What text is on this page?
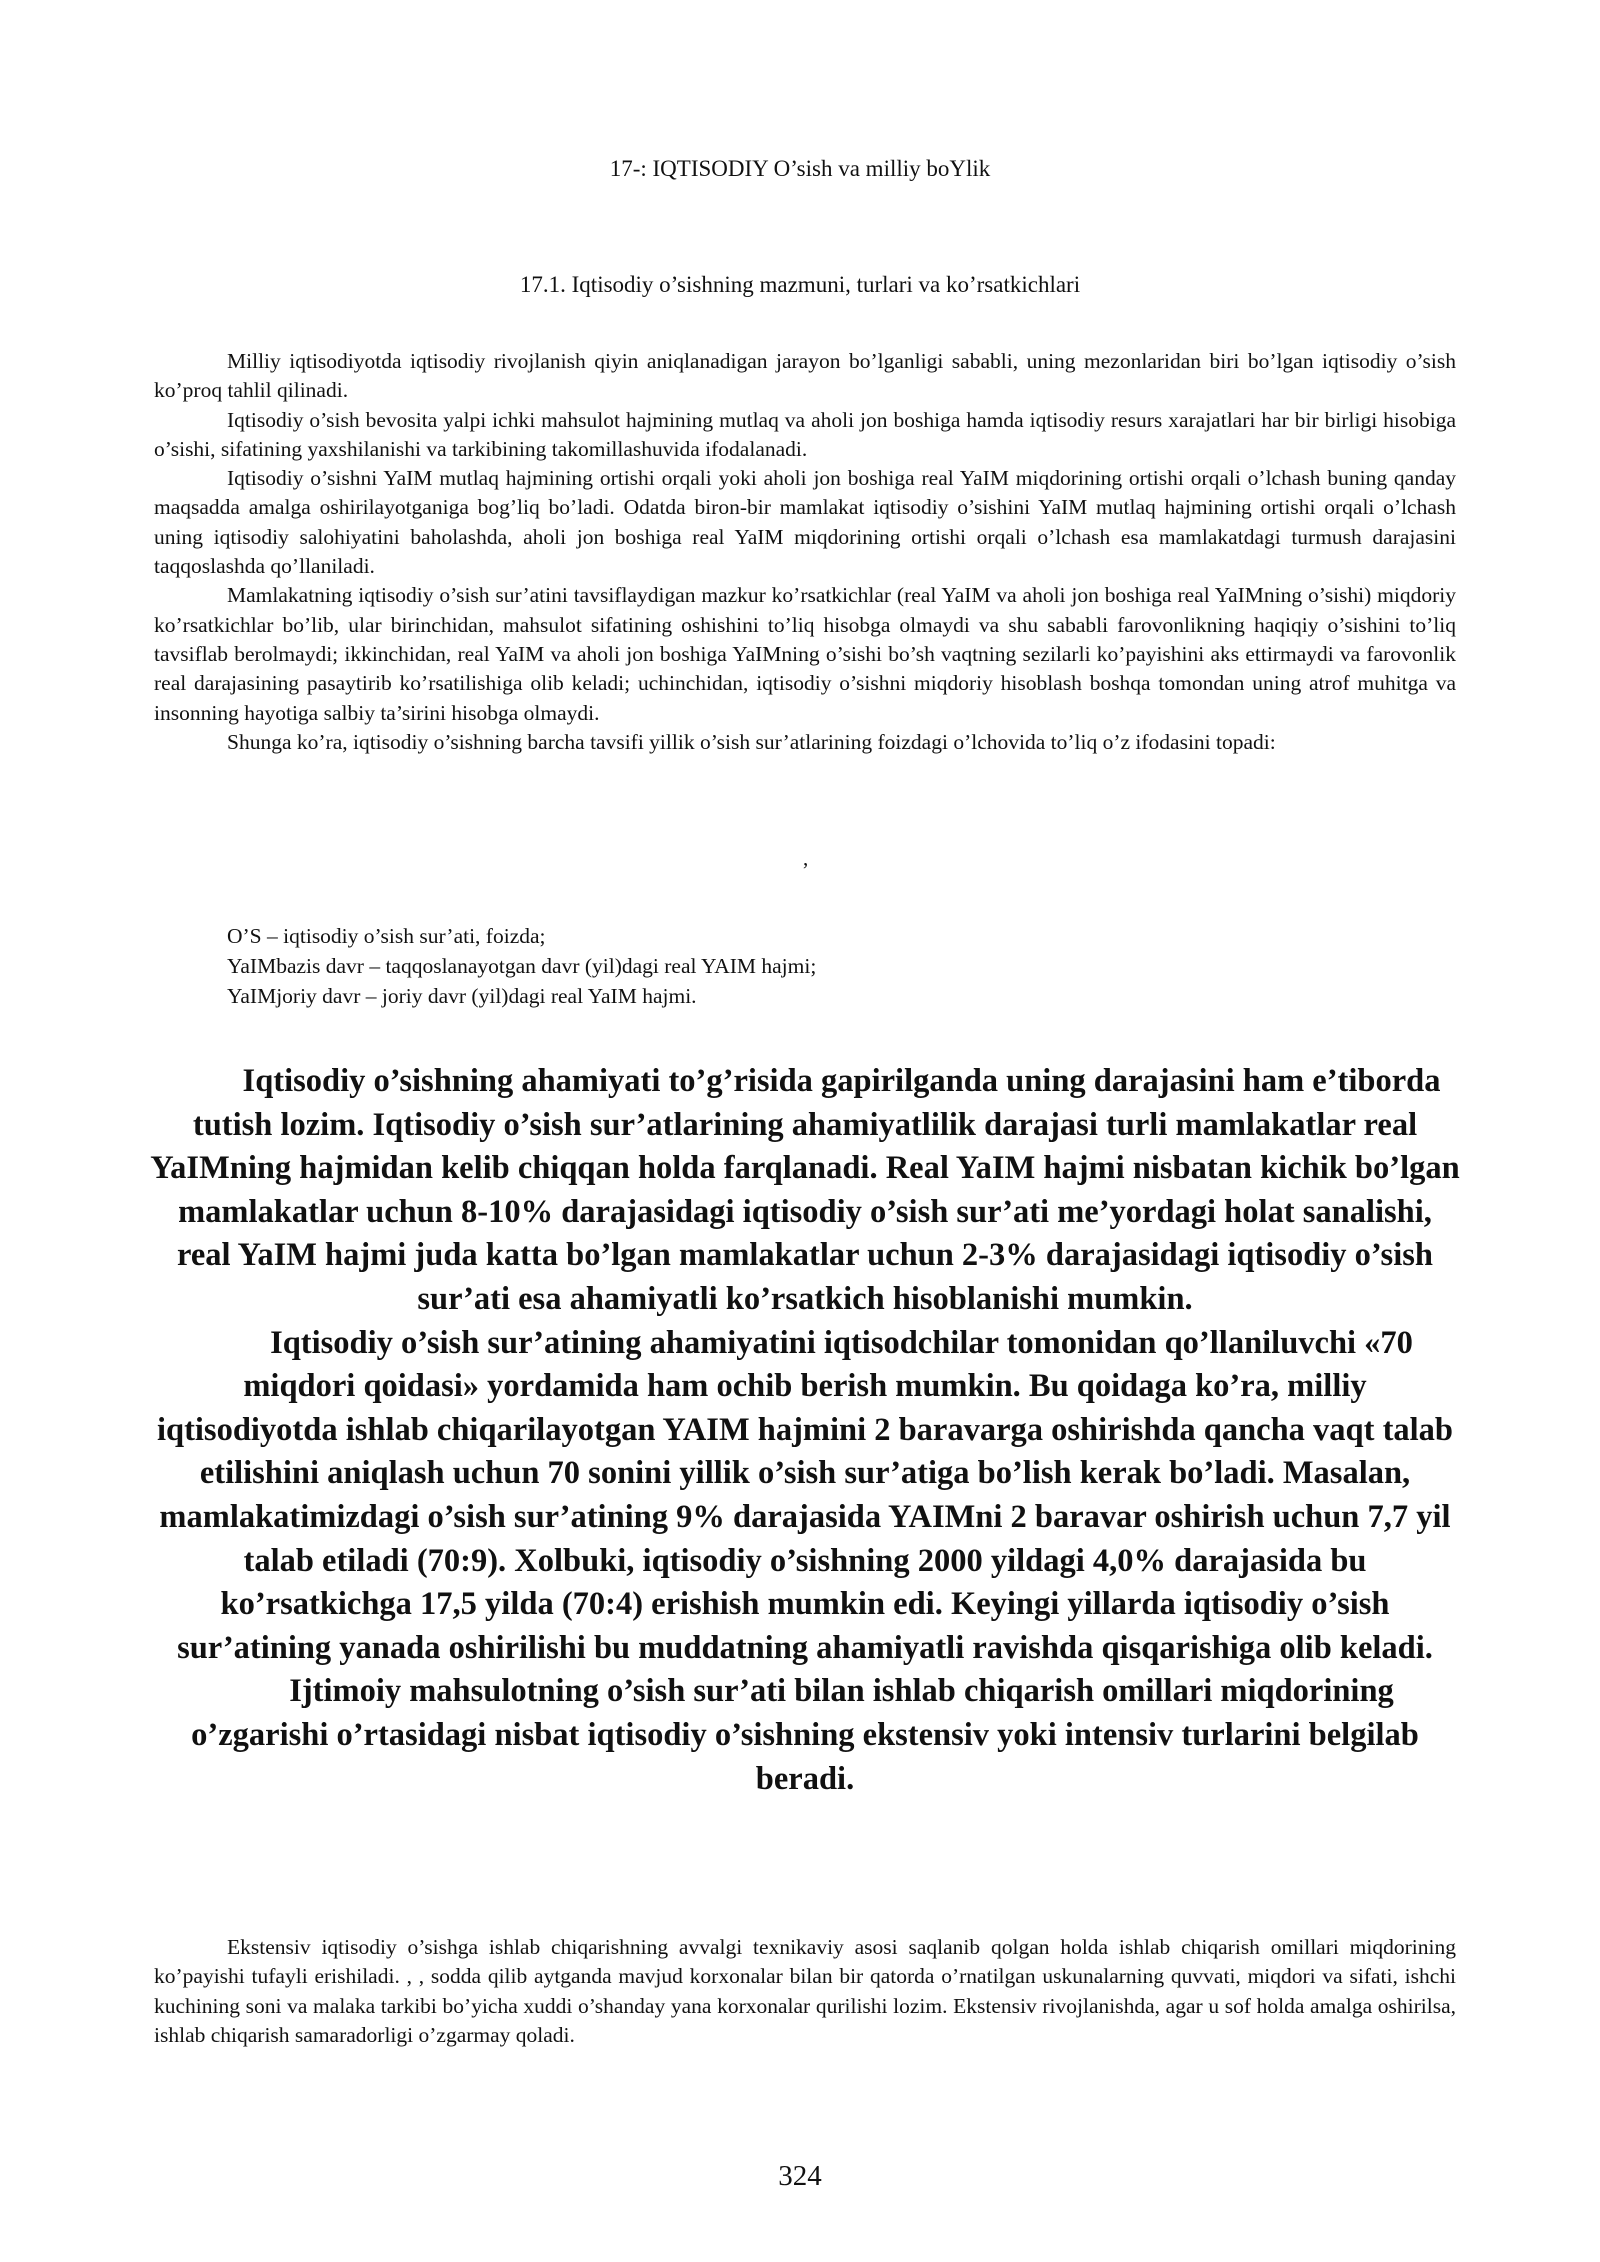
17-: IQTISODIY O’sish va milliy boYlik
17.1. Iqtisodiy o’sishning mazmuni, turlari va ko’rsatkichlari

Milliy iqtisodiyotda iqtisodiy rivojlanish qiyin aniqlanadigan jarayon bo’lganligi sababli, uning mezonlaridan biri bo’lgan iqtisodiy o’sish ko’proq tahlil qilinadi.

Iqtisodiy o’sish bevosita yalpi ichki mahsulot hajmining mutlaq va aholi jon boshiga hamda iqtisodiy resurs xarajatlari har bir birligi hisobiga o’sishi, sifatining yaxshilanishi va tarkibining takomillashuvida ifodalanadi.

Iqtisodiy o’sishni YaIM mutlaq hajmining ortishi orqali yoki aholi jon boshiga real YaIM miqdorining ortishi orqali o’lchash buning qanday maqsadda amalga oshirilayotganiga bog’liq bo’ladi. Odatda biron-bir mamlakat iqtisodiy o’sishini YaIM mutlaq hajmining ortishi orqali o’lchash uning iqtisodiy salohiyatini baholashda, aholi jon boshiga real YaIM miqdorining ortishi orqali o’lchash esa mamlakatdagi turmush darajasini taqqoslashda qo’llaniladi.

Mamlakatning iqtisodiy o’sish sur’atini tavsiflaydigan mazkur ko’rsatkichlar (real YaIM va aholi jon boshiga real YaIMning o’sishi) miqdoriy ko’rsatkichlar bo’lib, ular birinchidan, mahsulot sifatining oshishini to’liq hisobga olmaydi va shu sababli farovonlikning haqiqiy o’sishini to’liq tavsiflab berolmaydi; ikkinchidan, real YaIM va aholi jon boshiga YaIMning o’sishi bo’sh vaqtning sezilarli ko’payishini aks ettirmaydi va farovonlik real darajasining pasaytirib ko’rsatilishiga olib keladi; uchinchidan, iqtisodiy o’sishni miqdoriy hisoblash boshqa tomondan uning atrof muhitga va insonning hayotiga salbiy ta’sirini hisobga olmaydi.

Shunga ko’ra, iqtisodiy o’sishning barcha tavsifi yillik o’sish sur’atlarining foizdagi o’lchovida to’liq o’z ifodasini topadi:

,
O’S – iqtisodiy o’sish sur’ati, foizda;
YaIMbazis davr – taqqoslanayotgan davr (yil)dagi real YAIM hajmi;
YaIMjoriy davr – joriy davr (yil)dagi real YaIM hajmi.

Iqtisodiy o’sishning ahamiyati to’g’risida gapirilganda uning darajasini ham e’tiborda tutish lozim. Iqtisodiy o’sish sur’atlarining ahamiyatlilik darajasi turli mamlakatlar real YaIMning hajmidan kelib chiqqan holda farqlanadi. Real YaIM hajmi nisbatan kichik bo’lgan mamlakatlar uchun 8-10% darajasidagi iqtisodiy o’sish sur’ati me’yordagi holat sanalishi, real YaIM hajmi juda katta bo’lgan mamlakatlar uchun 2-3% darajasidagi iqtisodiy o’sish sur’ati esa ahamiyatli ko’rsatkich hisoblanishi mumkin.

Iqtisodiy o’sish sur’atining ahamiyatini iqtisodchilar tomonidan qo’llaniluvchi «70 miqdori qoidasi» yordamida ham ochib berish mumkin. Bu qoidaga ko’ra, milliy iqtisodiyotda ishlab chiqarilayotgan YAIM hajmini 2 baravarga oshirishda qancha vaqt talab etilishini aniqlash uchun 70 sonini yillik o’sish sur’atiga bo’lish kerak bo’ladi. Masalan, mamlakatimizdagi o’sish sur’atining 9% darajasida YAIMni 2 baravar oshirish uchun 7,7 yil talab etiladi (70:9). Xolbuki, iqtisodiy o’sishning 2000 yildagi 4,0% darajasida bu ko’rsatkichga 17,5 yilda (70:4) erishish mumkin edi. Keyingi yillarda iqtisodiy o’sish sur’atining yanada oshirilishi bu muddatning ahamiyatli ravishda qisqarishiga olib keladi.

Ijtimoiy mahsulotning o’sish sur’ati bilan ishlab chiqarish omillari miqdorining o’zgarishi o’rtasidagi nisbat iqtisodiy o’sishning ekstensiv yoki intensiv turlarini belgilab beradi.

Ekstensiv iqtisodiy o’sishga ishlab chiqarishning avvalgi texnikaviy asosi saqlanib qolgan holda ishlab chiqarish omillari miqdorining ko’payishi tufayli erishiladi. , , sodda qilib aytganda mavjud korxonalar bilan bir qatorda o’rnatilgan uskunalarning quvvati, miqdori va sifati, ishchi kuchining soni va malaka tarkibi bo’yicha xuddi o’shanday yana korxonalar qurilishi lozim. Ekstensiv rivojlanishda, agar u sof holda amalga oshirilsa, ishlab chiqarish samaradorligi o’zgarmay qoladi.

324
